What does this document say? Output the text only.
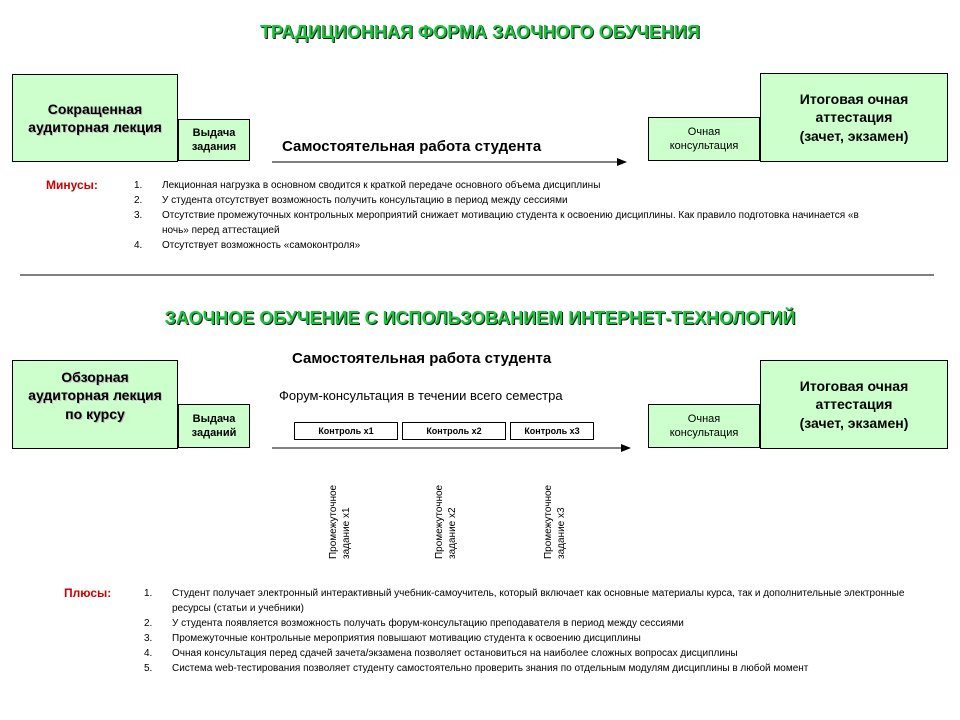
ТРАДИЦИОННАЯ ФОРМА ЗАОЧНОГО ОБУЧЕНИЯ
Сокращенная
аудиторная лекция	Выдача
задания	Самостоятельная работа студента
Очная
консультация
Итоговая очная
аттестация
(зачет, экзамен)
Минусы:	1.	Лекционная нагрузка в основном сводится к краткой передаче основного объема дисциплины
2.	У студента отсутствует возможность получить консультацию в период между сессиями
3.	Отсутствие промежуточных контрольных мероприятий снижает мотивацию студента к освоению дисциплины. Как правило подготовка начинается «в ночь» перед аттестацией
4.	Отсутствует возможность «самоконтроля»
ЗАОЧНОЕ ОБУЧЕНИЕ С ИСПОЛЬЗОВАНИЕМ ИНТЕРНЕТ-ТЕХНОЛОГИЙ
Самостоятельная работа студента
Форум-консультация в течении всего семестра
Обзорная
аудиторная лекция
по курсу	Выдача
заданий	Контроль х1	Контроль х2	Контроль х3
Промежуточное задание х1	Промежуточное задание х2	Промежуточное задание х3
Очная
консультация
Итоговая очная
аттестация
(зачет, экзамен)
Плюсы:	1.	Студент получает электронный интерактивный учебник-самоучитель, который включает как основные материалы курса, так и дополнительные электронные ресурсы (статьи и учебники)
2.	У студента появляется возможность получать форум-консультацию преподавателя в период между сессиями
3.	Промежуточные контрольные мероприятия повышают мотивацию студента к освоению дисциплины
4.	Очная консультация перед сдачей зачета/экзамена позволяет остановиться на наиболее сложных вопросах дисциплины
5.	Система web-тестирования позволяет студенту самостоятельно проверить знания по отдельным модулям дисциплины в любой момент
